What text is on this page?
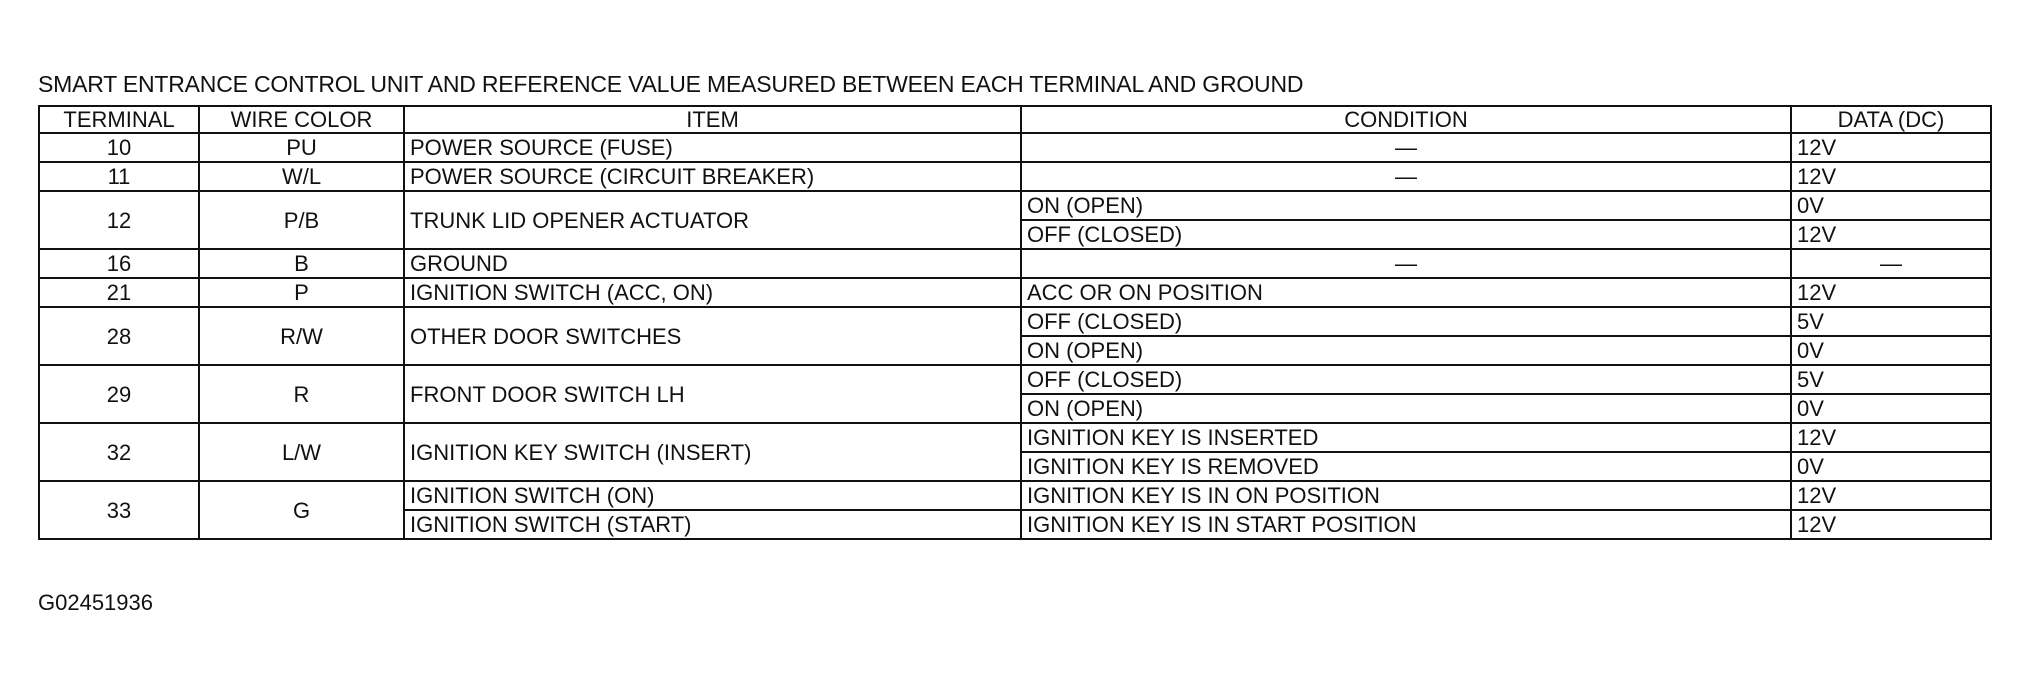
SMART ENTRANCE CONTROL UNIT AND REFERENCE VALUE MEASURED BETWEEN EACH TERMINAL AND GROUND
TERMINAL	WIRE COLOR	ITEM	CONDITION	DATA (DC)
10	PU	POWER SOURCE (FUSE)	—	12V
11	W/L	POWER SOURCE (CIRCUIT BREAKER)	—	12V
12	P/B	TRUNK LID OPENER ACTUATOR	ON (OPEN)	0V
			OFF (CLOSED)	12V
16	B	GROUND	—	—
21	P	IGNITION SWITCH (ACC, ON)	ACC OR ON POSITION	12V
28	R/W	OTHER DOOR SWITCHES	OFF (CLOSED)	5V
			ON (OPEN)	0V
29	R	FRONT DOOR SWITCH LH	OFF (CLOSED)	5V
			ON (OPEN)	0V
32	L/W	IGNITION KEY SWITCH (INSERT)	IGNITION KEY IS INSERTED	12V
			IGNITION KEY IS REMOVED	0V
33	G	IGNITION SWITCH (ON)	IGNITION KEY IS IN ON POSITION	12V
		IGNITION SWITCH (START)	IGNITION KEY IS IN START POSITION	12V
G02451936
